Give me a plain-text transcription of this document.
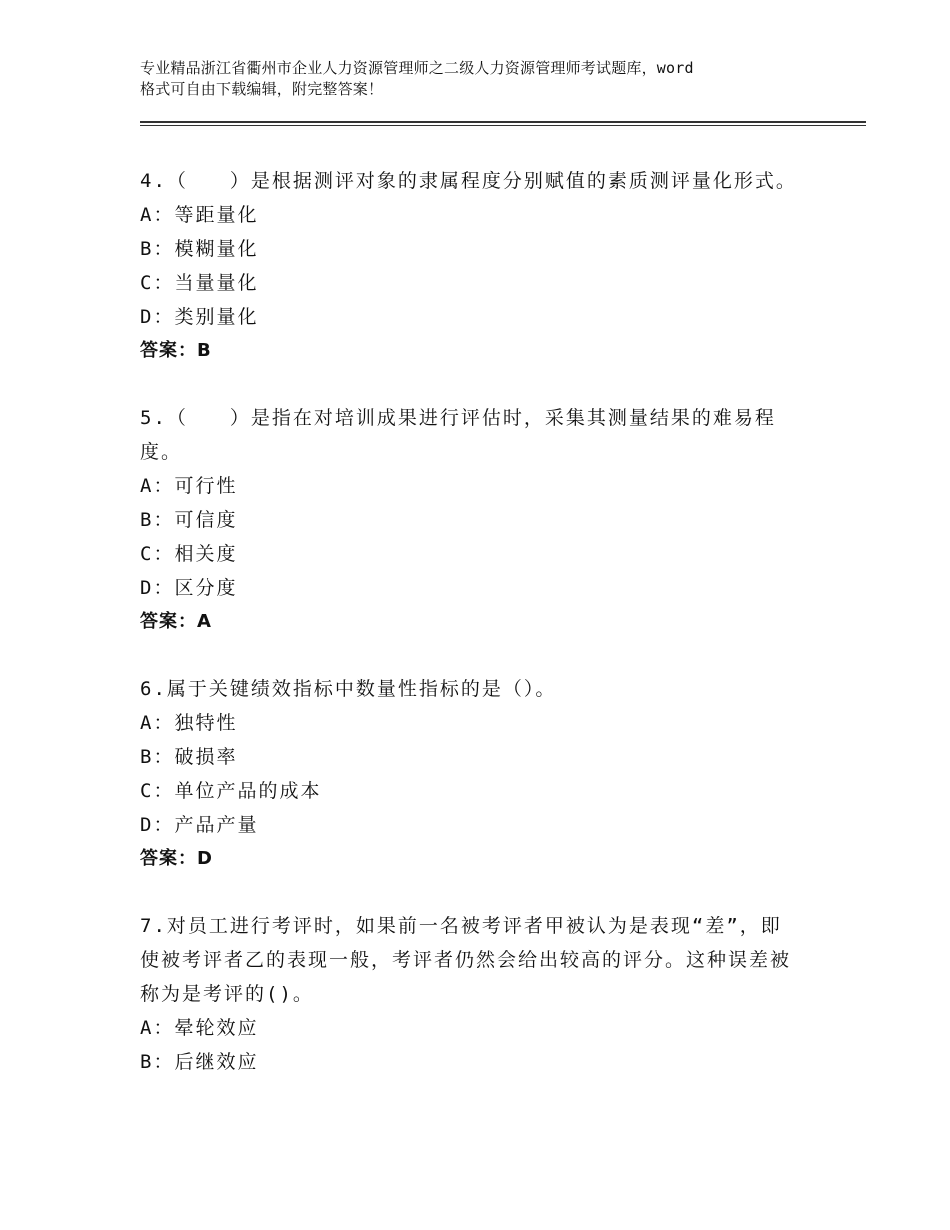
专业精品浙江省衢州市企业人力资源管理师之二级人力资源管理师考试题库，word
格式可自由下载编辑，附完整答案！

4.（　　）是根据测评对象的隶属程度分别赋值的素质测评量化形式。

A：等距量化

B：模糊量化

C：当量量化

D：类别量化

答案：B

5.（　　）是指在对培训成果进行评估时，采集其测量结果的难易程度。

A：可行性

B：可信度

C：相关度

D：区分度

答案：A

6.属于关键绩效指标中数量性指标的是（）。

A：独特性

B：破损率

C：单位产品的成本

D：产品产量

答案：D

7.对员工进行考评时，如果前一名被考评者甲被认为是表现“差”，即使被考评者乙的表现一般，考评者仍然会给出较高的评分。这种误差被称为是考评的()。

A：晕轮效应

B：后继效应
